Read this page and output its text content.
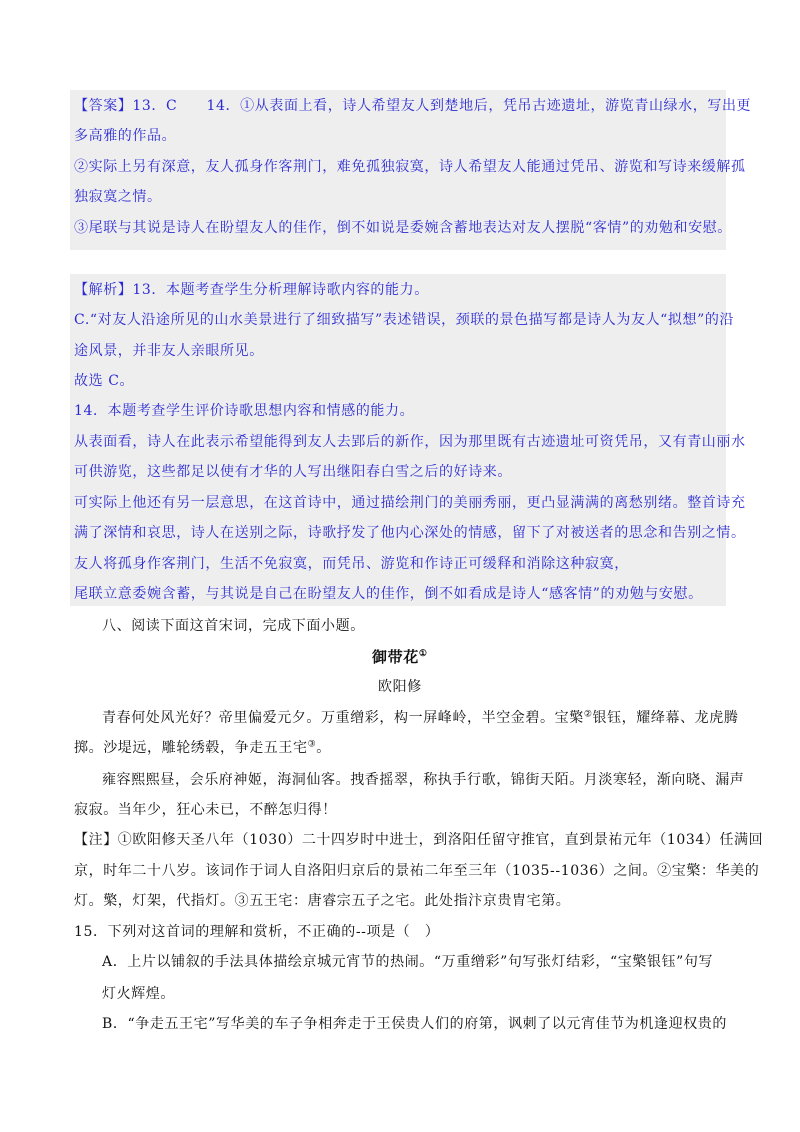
【答案】13．C　　14．①从表面上看，诗人希望友人到楚地后，凭吊古迹遗址，游览青山绿水，写出更
多高雅的作品。
②实际上另有深意，友人孤身作客荆门，难免孤独寂寞，诗人希望友人能通过凭吊、游览和写诗来缓解孤
独寂寞之情。
③尾联与其说是诗人在盼望友人的佳作，倒不如说是委婉含蓄地表达对友人摆脱“客情”的劝勉和安慰。
【解析】13．本题考查学生分析理解诗歌内容的能力。
C.“对友人沿途所见的山水美景进行了细致描写”表述错误，颈联的景色描写都是诗人为友人“拟想”的沿
途风景，并非友人亲眼所见。
故选 C。
14．本题考查学生评价诗歌思想内容和情感的能力。
从表面看，诗人在此表示希望能得到友人去郢后的新作，因为那里既有古迹遗址可资凭吊，又有青山丽水
可供游览，这些都足以使有才华的人写出继阳春白雪之后的好诗来。
可实际上他还有另一层意思，在这首诗中，通过描绘荆门的美丽秀丽，更凸显满满的离愁别绪。整首诗充
满了深情和哀思，诗人在送别之际，诗歌抒发了他内心深处的情感，留下了对被送者的思念和告别之情。
友人将孤身作客荆门，生活不免寂寞，而凭吊、游览和作诗正可缓释和消除这种寂寞，
尾联立意委婉含蓄，与其说是自己在盼望友人的佳作，倒不如看成是诗人“感客情”的劝勉与安慰。
八、阅读下面这首宋词，完成下面小题。
御带花①
欧阳修
青春何处风光好？帝里偏爱元夕。万重缯彩，构一屏峰岭，半空金碧。宝檠②银钰，耀绛幕、龙虎腾
掷。沙堤远，雕轮绣毂，争走五王宅③。
雍容熙熙昼，会乐府神姬，海洞仙客。拽香摇翠，称执手行歌，锦街天陌。月淡寒轻，渐向晓、漏声
寂寂。当年少，狂心未已，不醉怎归得！
【注】①欧阳修天圣八年（1030）二十四岁时中进士，到洛阳任留守推官，直到景祐元年（1034）任满回
京，时年二十八岁。该词作于词人自洛阳归京后的景祐二年至三年（1035--1036）之间。②宝檠：华美的
灯。檠，灯架，代指灯。③五王宅：唐睿宗五子之宅。此处指汴京贵胄宅第。
15．下列对这首词的理解和赏析，不正确的--项是（　）
A．上片以铺叙的手法具体描绘京城元宵节的热闹。“万重缯彩”句写张灯结彩，“宝檠银钰”句写
灯火辉煌。
B．“争走五王宅”写华美的车子争相奔走于王侯贵人们的府第，讽刺了以元宵佳节为机逢迎权贵的
